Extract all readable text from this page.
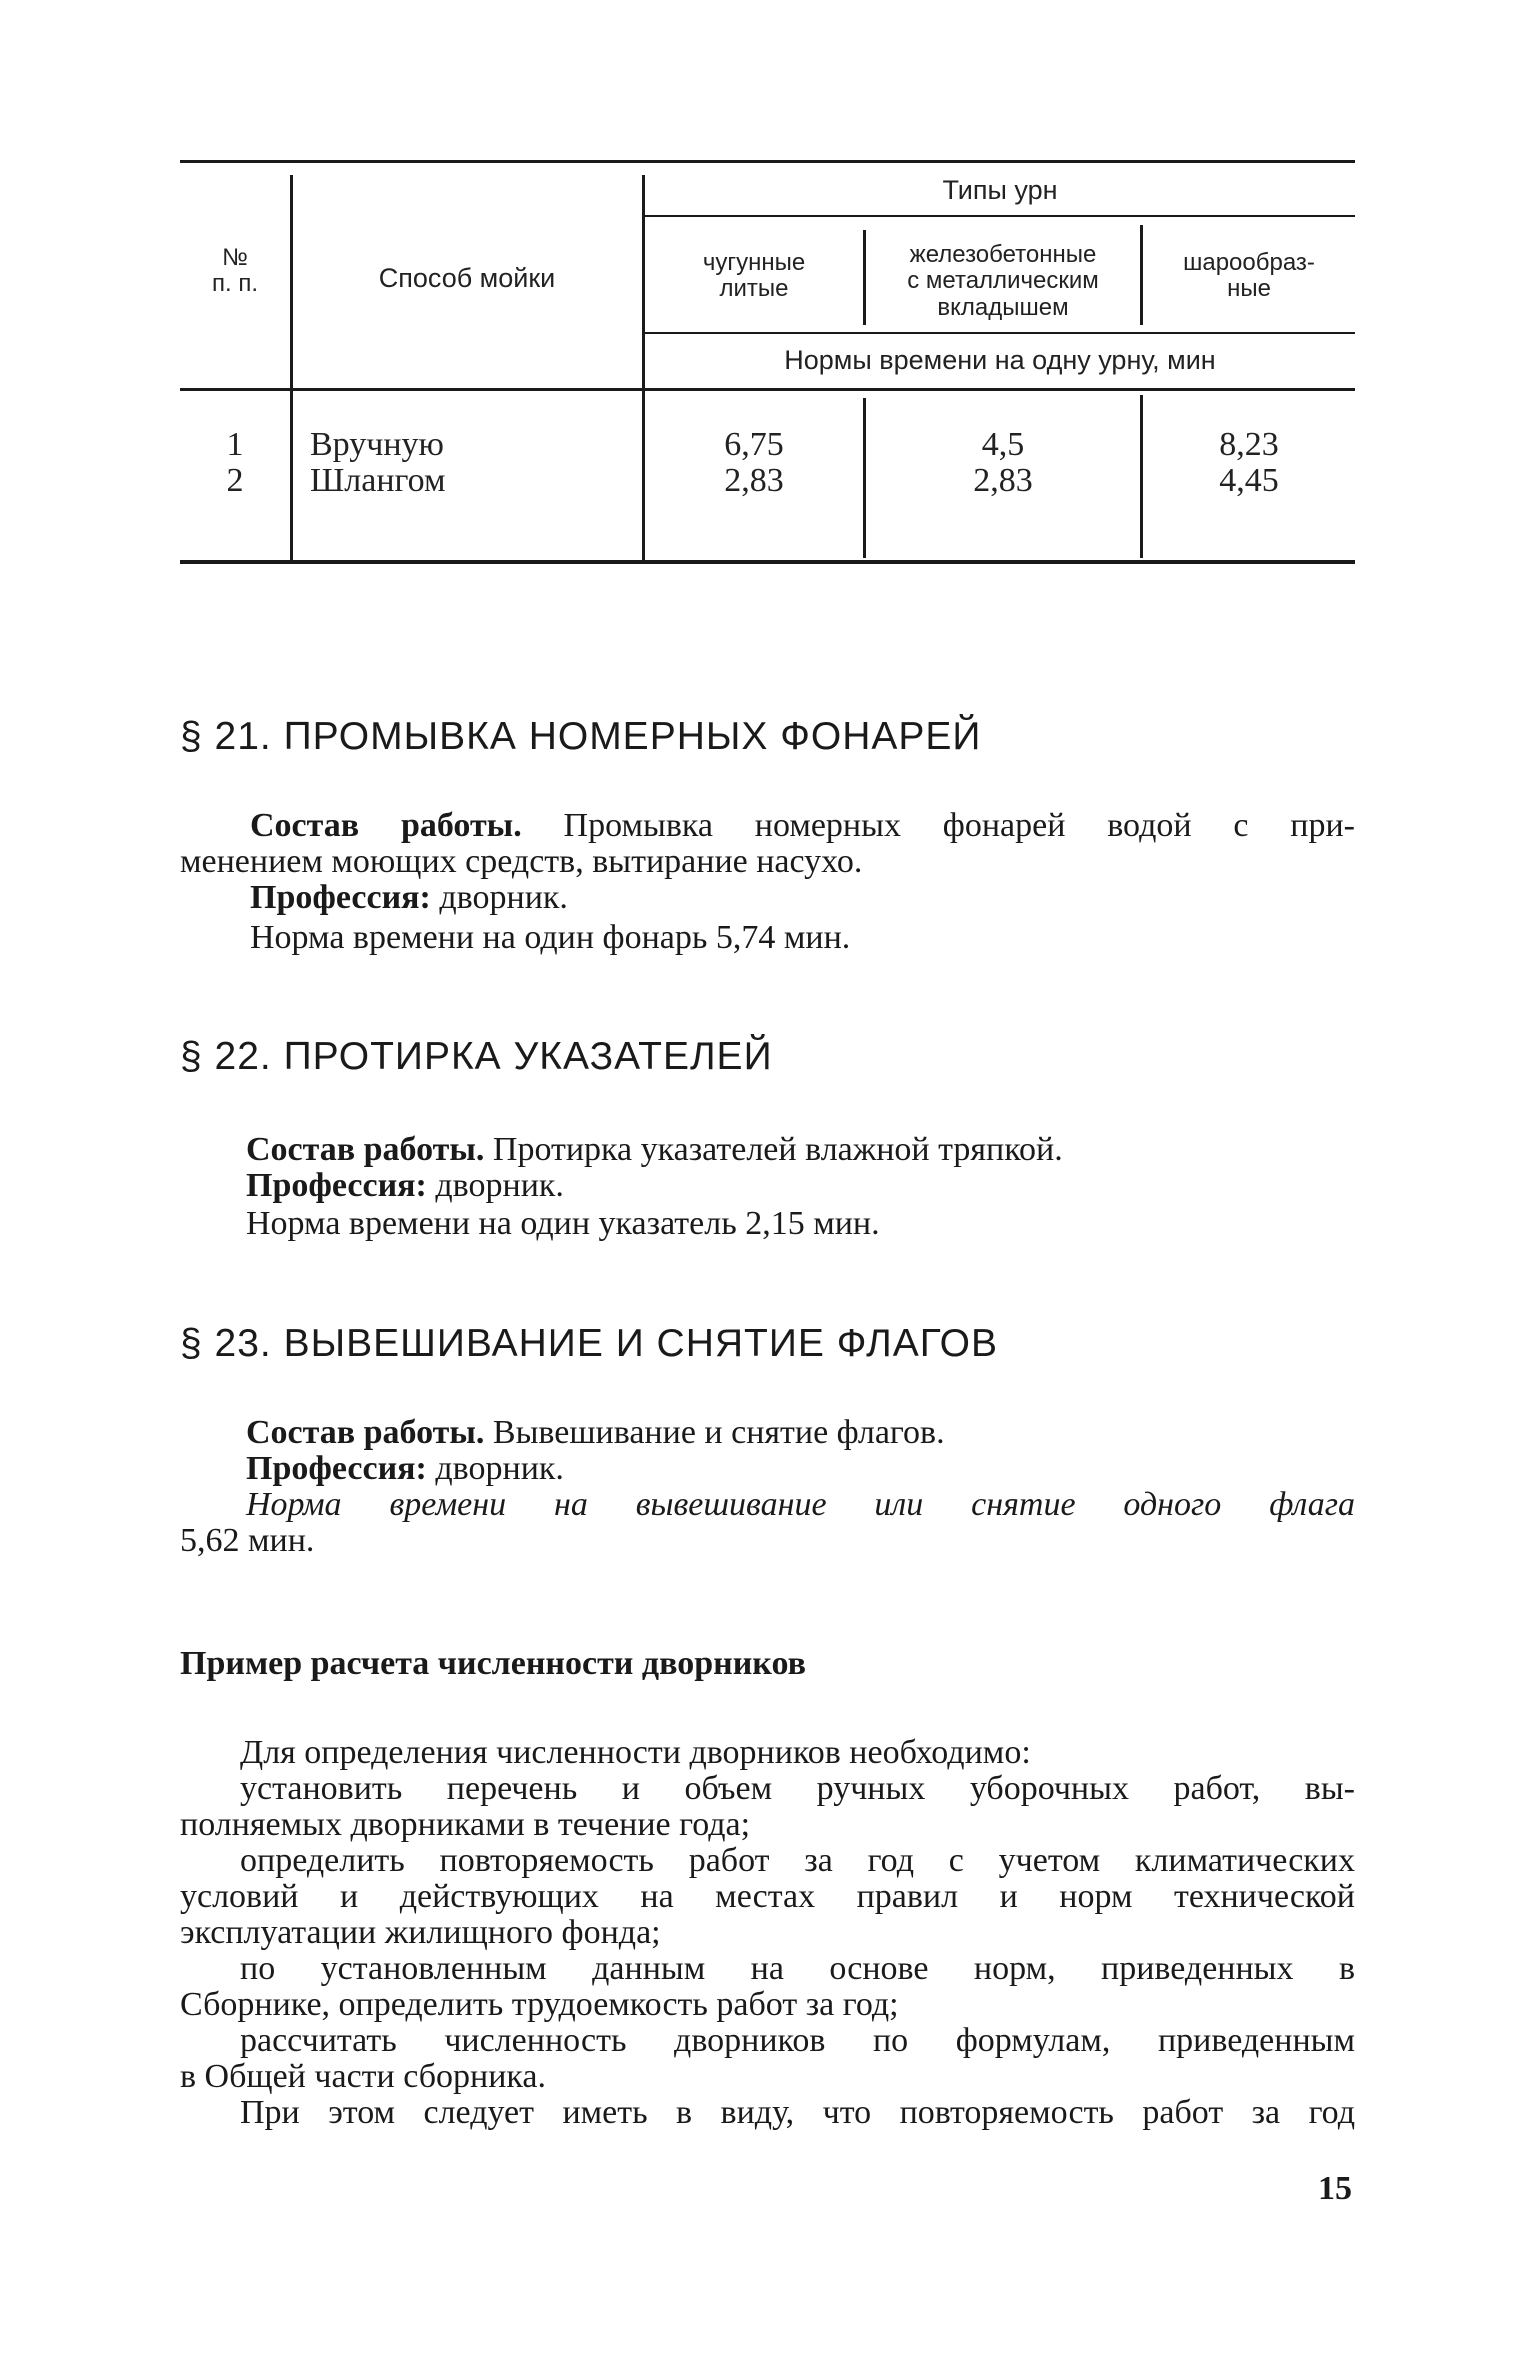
№
п. п.	Способ мойки
Типы урн
чугунные
литые
железобетонные
с металлическим
вкладышем
шарообраз-
ные
Нормы времени на одну урну, мин
1
2
Вручную
Шлангом
6,75
2,83
4,5
2,83
8,23
4,45
§ 21. ПРОМЫВКА НОМЕРНЫХ ФОНАРЕЙ
Состав работы. Промывка номерных фонарей водой с при-
менением моющих средств, вытирание насухо.
Профессия: дворник.
Норма времени на один фонарь 5,74 мин.
§ 22. ПРОТИРКА УКАЗАТЕЛЕЙ
Состав работы. Протирка указателей влажной тряпкой.
Профессия: дворник.
Норма времени на один указатель 2,15 мин.
§ 23. ВЫВЕШИВАНИЕ И СНЯТИЕ ФЛАГОВ
Состав работы. Вывешивание и снятие флагов.
Профессия: дворник.
Норма времени на вывешивание или снятие одного флага
5,62 мин.
Пример расчета численности дворников
Для определения численности дворников необходимо:
установить перечень и объем ручных уборочных работ, вы-
полняемых дворниками в течение года;
определить повторяемость работ за год с учетом климатических
условий и действующих на местах правил и норм технической
эксплуатации жилищного фонда;
по установленным данным на основе норм, приведенных в
Сборнике, определить трудоемкость работ за год;
рассчитать численность дворников по формулам, приведенным
в Общей части сборника.
При этом следует иметь в виду, что повторяемость работ за год
15
